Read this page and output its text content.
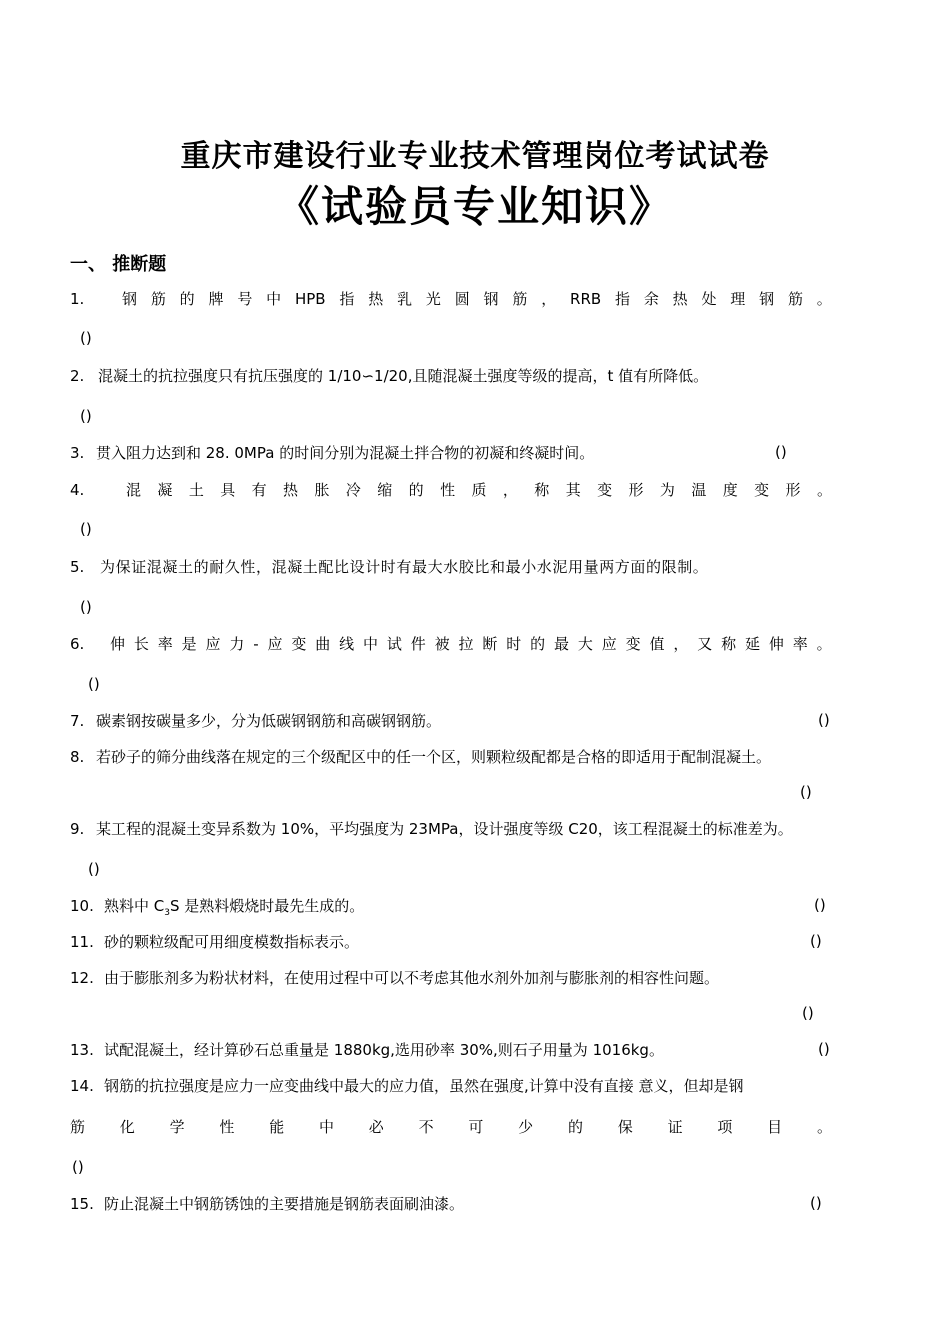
重庆市建设行业专业技术管理岗位考试试卷
《试验员专业知识》
一、 推断题
1.	钢 筋 的 牌 号 中 HPB 指 热 乳 光 圆 钢 筋 ， RRB 指 余 热 处 理 钢 筋 。
()
2. 混凝土的抗拉强度只有抗压强度的 1/10∽1/20,且随混凝土强度等级的提高，t 值有所降低。
()
3. 贯入阻力达到和 28. 0MPa 的时间分别为混凝土拌合物的初凝和终凝时间。	()
4.	混 凝 土 具 有 热 胀 冷 缩 的 性 质 ， 称 其 变 形 为 温 度 变 形 。
()
5. 为保证混凝土的耐久性，混凝土配比设计时有最大水胶比和最小水泥用量两方面的限制。
()
6. 伸 长 率 是 应 力 - 应 变 曲 线 中 试 件 被 拉 断 时 的 最 大 应 变 值 ， 又 称 延 伸 率 。
()
7. 碳素钢按碳量多少，分为低碳钢钢筋和高碳钢钢筋。	()
8. 若砂子的筛分曲线落在规定的三个级配区中的任一个区，则颗粒级配都是合格的即适用于配制混凝土。
()
9. 某工程的混凝土变异系数为 10%，平均强度为 23MPa，设计强度等级 C20，该工程混凝土的标准差为。
()
10. 熟料中 $C_3S$ 是熟料煅烧时最先生成的。	()
11. 砂的颗粒级配可用细度模数指标表示。	()
12. 由于膨胀剂多为粉状材料，在使用过程中可以不考虑其他水剂外加剂与膨胀剂的相容性问题。
()
13. 试配混凝土，经计算砂石总重量是 1880kg,选用砂率 30%,则石子用量为 1016kg。	()
14. 钢筋的抗拉强度是应力一应变曲线中最大的应力值，虽然在强度,计算中没有直接 意义，但却是钢
筋 化 学 性 能 中 必 不 可 少 的 保 证 项 目 。
()
15. 防止混凝土中钢筋锈蚀的主要措施是钢筋表面刷油漆。	()
